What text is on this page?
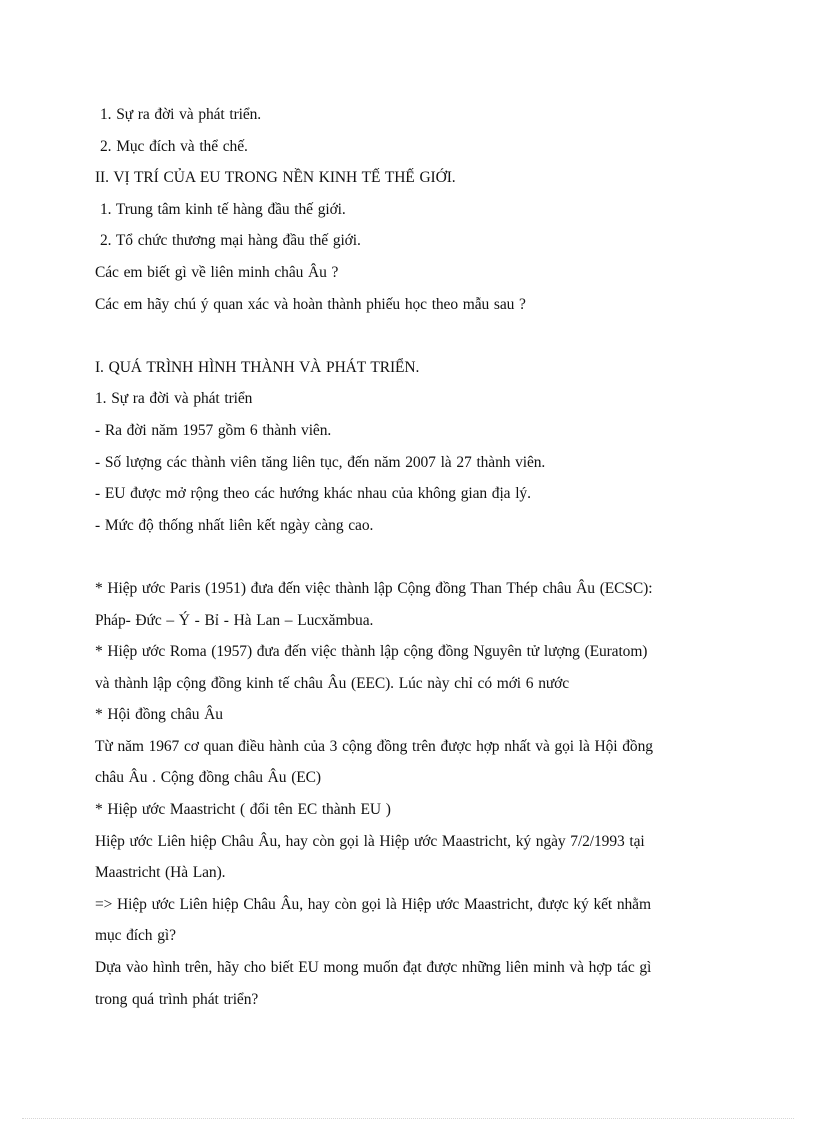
1. Sự ra đời và phát triển.
2. Mục đích và thể chế.
II. VỊ TRÍ CỦA EU TRONG NỀN KINH TẾ THẾ GIỚI.
1. Trung tâm kinh tế hàng đầu thế giới.
2. Tổ chức thương mại hàng đầu thế giới.
Các em biết gì về liên minh châu Âu ?
Các em hãy chú ý quan xác và hoàn thành phiếu học theo mẫu sau ?
I. QUÁ TRÌNH HÌNH THÀNH VÀ PHÁT TRIỂN.
1. Sự ra đời và phát triển
- Ra đời năm 1957 gồm 6 thành viên.
- Số lượng các thành viên tăng liên tục, đến năm 2007 là 27 thành viên.
- EU được mở rộng theo các hướng khác nhau của không gian địa lý.
- Mức độ thống nhất liên kết ngày càng cao.
* Hiệp ước Paris (1951) đưa đến việc thành lập Cộng đồng Than Thép châu Âu (ECSC):
Pháp- Đức – Ý - Bỉ - Hà Lan – Lucxămbua.
* Hiệp ước Roma (1957) đưa đến việc thành lập cộng đồng Nguyên tử lượng (Euratom)
và thành lập cộng đồng kinh tế châu Âu (EEC). Lúc này chỉ có mới 6 nước
* Hội đồng châu Âu
Từ năm 1967 cơ quan điều hành của 3 cộng đồng trên được hợp nhất và gọi là Hội đồng
châu Âu . Cộng đồng châu Âu (EC)
* Hiệp ước Maastricht ( đổi tên EC thành EU )
Hiệp ước Liên hiệp Châu Âu, hay còn gọi là Hiệp ước Maastricht, ký ngày 7/2/1993 tại
Maastricht (Hà Lan).
=> Hiệp ước Liên hiệp Châu Âu, hay còn gọi là Hiệp ước Maastricht, được ký kết nhằm
mục đích gì?
Dựa vào hình trên, hãy cho biết EU mong muốn đạt được những liên minh và hợp tác gì
trong quá trình phát triển?
